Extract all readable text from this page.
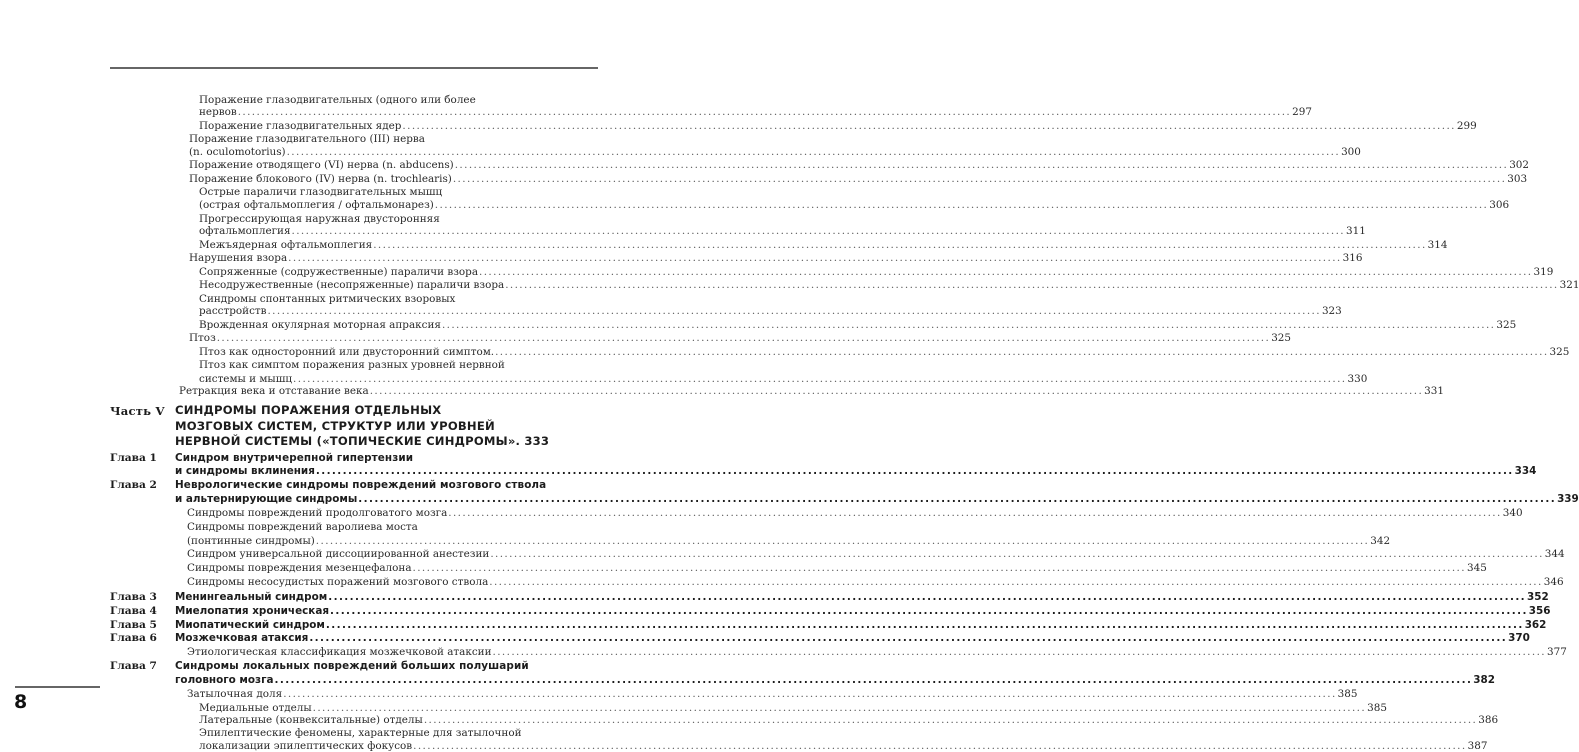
Поражение глазодвигательных (одного или более
нервов .....	297
Поражение глазодвигательных ядер .....	299
Поражение глазодвигательного (III) нерва
(n. oculomotorius) .....	300
Поражение отводящего (VI) нерва (n. abducens) .....	302
Поражение блокового (IV) нерва (n. trochlearis) .....	303
Острые параличи глазодвигательных мышц
(острая офтальмоплегия / офтальмонарез) .....	306
Прогрессирующая наружная двусторонняя
офтальмоплегия .....	311
Межъядерная офтальмоплегия .....	314
Нарушения взора .....	316
Сопряженные (содружественные) параличи взора .....	319
Несодружественные (несопряженные) параличи взора .....	321
Синдромы спонтанных ритмических взоровых
расстройств .....	323
Врожденная окулярная моторная апраксия .....	325
Птоз .....	325
Птоз как односторонний или двусторонний симптом. .....	325
Птоз как симптом поражения разных уровней нервной
системы и мышц .....	330
Ретракция века и отставание века .....	331
Часть V СИНДРОМЫ ПОРАЖЕНИЯ ОТДЕЛЬНЫХ
МОЗГОВЫХ СИСТЕМ, СТРУКТУР ИЛИ УРОВНЕЙ
НЕРВНОЙ СИСТЕМЫ («ТОПИЧЕСКИЕ СИНДРОМЫ». 333
Глава 1 Синдром внутричерепной гипертензии
и синдромы вклинения .....	334
Глава 2 Неврологические синдромы повреждений мозгового ствола
и альтернирующие синдромы .....	339
Синдромы повреждений продолговатого мозга .....	340
Синдромы повреждений варолиева моста
(понтинные синдромы) .....	342
Синдром универсальной диссоциированной анестезии .....	344
Синдромы повреждения мезенцефалона .....	345
Синдромы несосудистых поражений мозгового ствола .....	346
Глава 3 Менингеальный синдром .....	352
Глава 4 Миелопатия хроническая .....	356
Глава 5 Миопатический синдром .....	362
Глава 6 Мозжечковая атаксия .....	370
Этиологическая классификация мозжечковой атаксии .....	377
Глава 7 Синдромы локальных повреждений больших полушарий
головного мозга .....	382
Затылочная доля .....	385
Медиальные отделы .....	385
Латеральные (конвекситальные) отделы .....	386
Эпилептические феномены, характерные для затылочной
локализации эпилептических фокусов .....	387
8
